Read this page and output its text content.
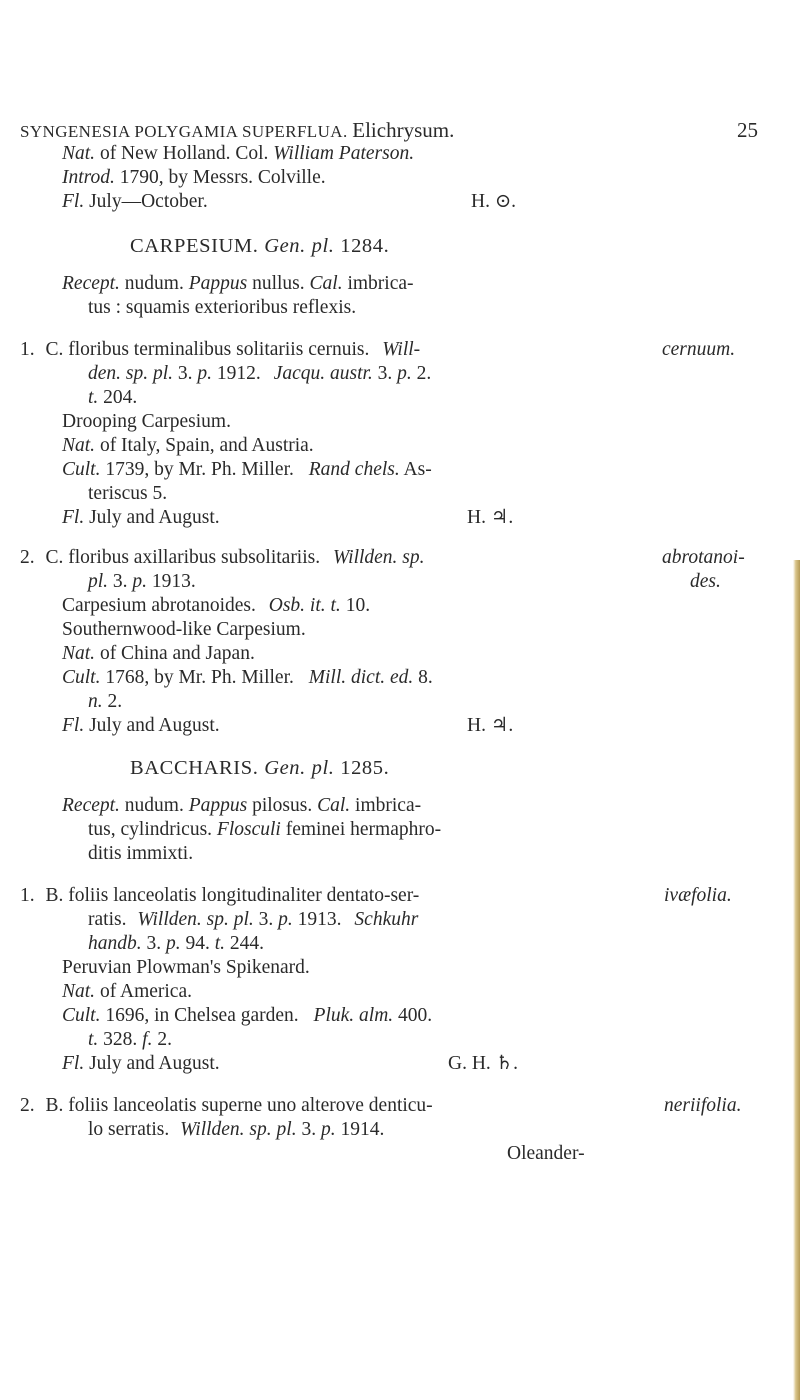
SYNGENESIA POLYGAMIA SUPERFLUA. Elichrysum.	25
Nat. of New Holland. Col. William Paterson.
Introd. 1790, by Messrs. Colville.
Fl. July—October.	H. ⊙.
CARPESIUM. Gen. pl. 1284.
Recept. nudum. Pappus nullus. Cal. imbrica-
tus : squamis exterioribus reflexis.
1. C. floribus terminalibus solitariis cernuis. Will-	cernuum.
den. sp. pl. 3. p. 1912. Jacqu. austr. 3. p. 2.
t. 204.
Drooping Carpesium.
Nat. of Italy, Spain, and Austria.
Cult. 1739, by Mr. Ph. Miller. Rand chels. As-
teriscus 5.
Fl. July and August.	H. ♃.
2. C. floribus axillaribus subsolitariis. Willden. sp.	abrotanoi-
des.
pl. 3. p. 1913.
Carpesium abrotanoides. Osb. it. t. 10.
Southernwood-like Carpesium.
Nat. of China and Japan.
Cult. 1768, by Mr. Ph. Miller. Mill. dict. ed. 8.
n. 2.
Fl. July and August.	H. ♃.
BACCHARIS. Gen. pl. 1285.
Recept. nudum. Pappus pilosus. Cal. imbrica-
tus, cylindricus. Flosculi feminei hermaphro-
ditis immixti.
1. B. foliis lanceolatis longitudinaliter dentato-ser-	ivæfolia.
ratis. Willden. sp. pl. 3. p. 1913. Schkuhr
handb. 3. p. 94. t. 244.
Peruvian Plowman's Spikenard.
Nat. of America.
Cult. 1696, in Chelsea garden. Pluk. alm. 400.
t. 328. f. 2.
Fl. July and August.	G. H. ♄.
2. B. foliis lanceolatis superne uno alterove denticu-	neriifolia.
lo serratis. Willden. sp. pl. 3. p. 1914.
Oleander-
